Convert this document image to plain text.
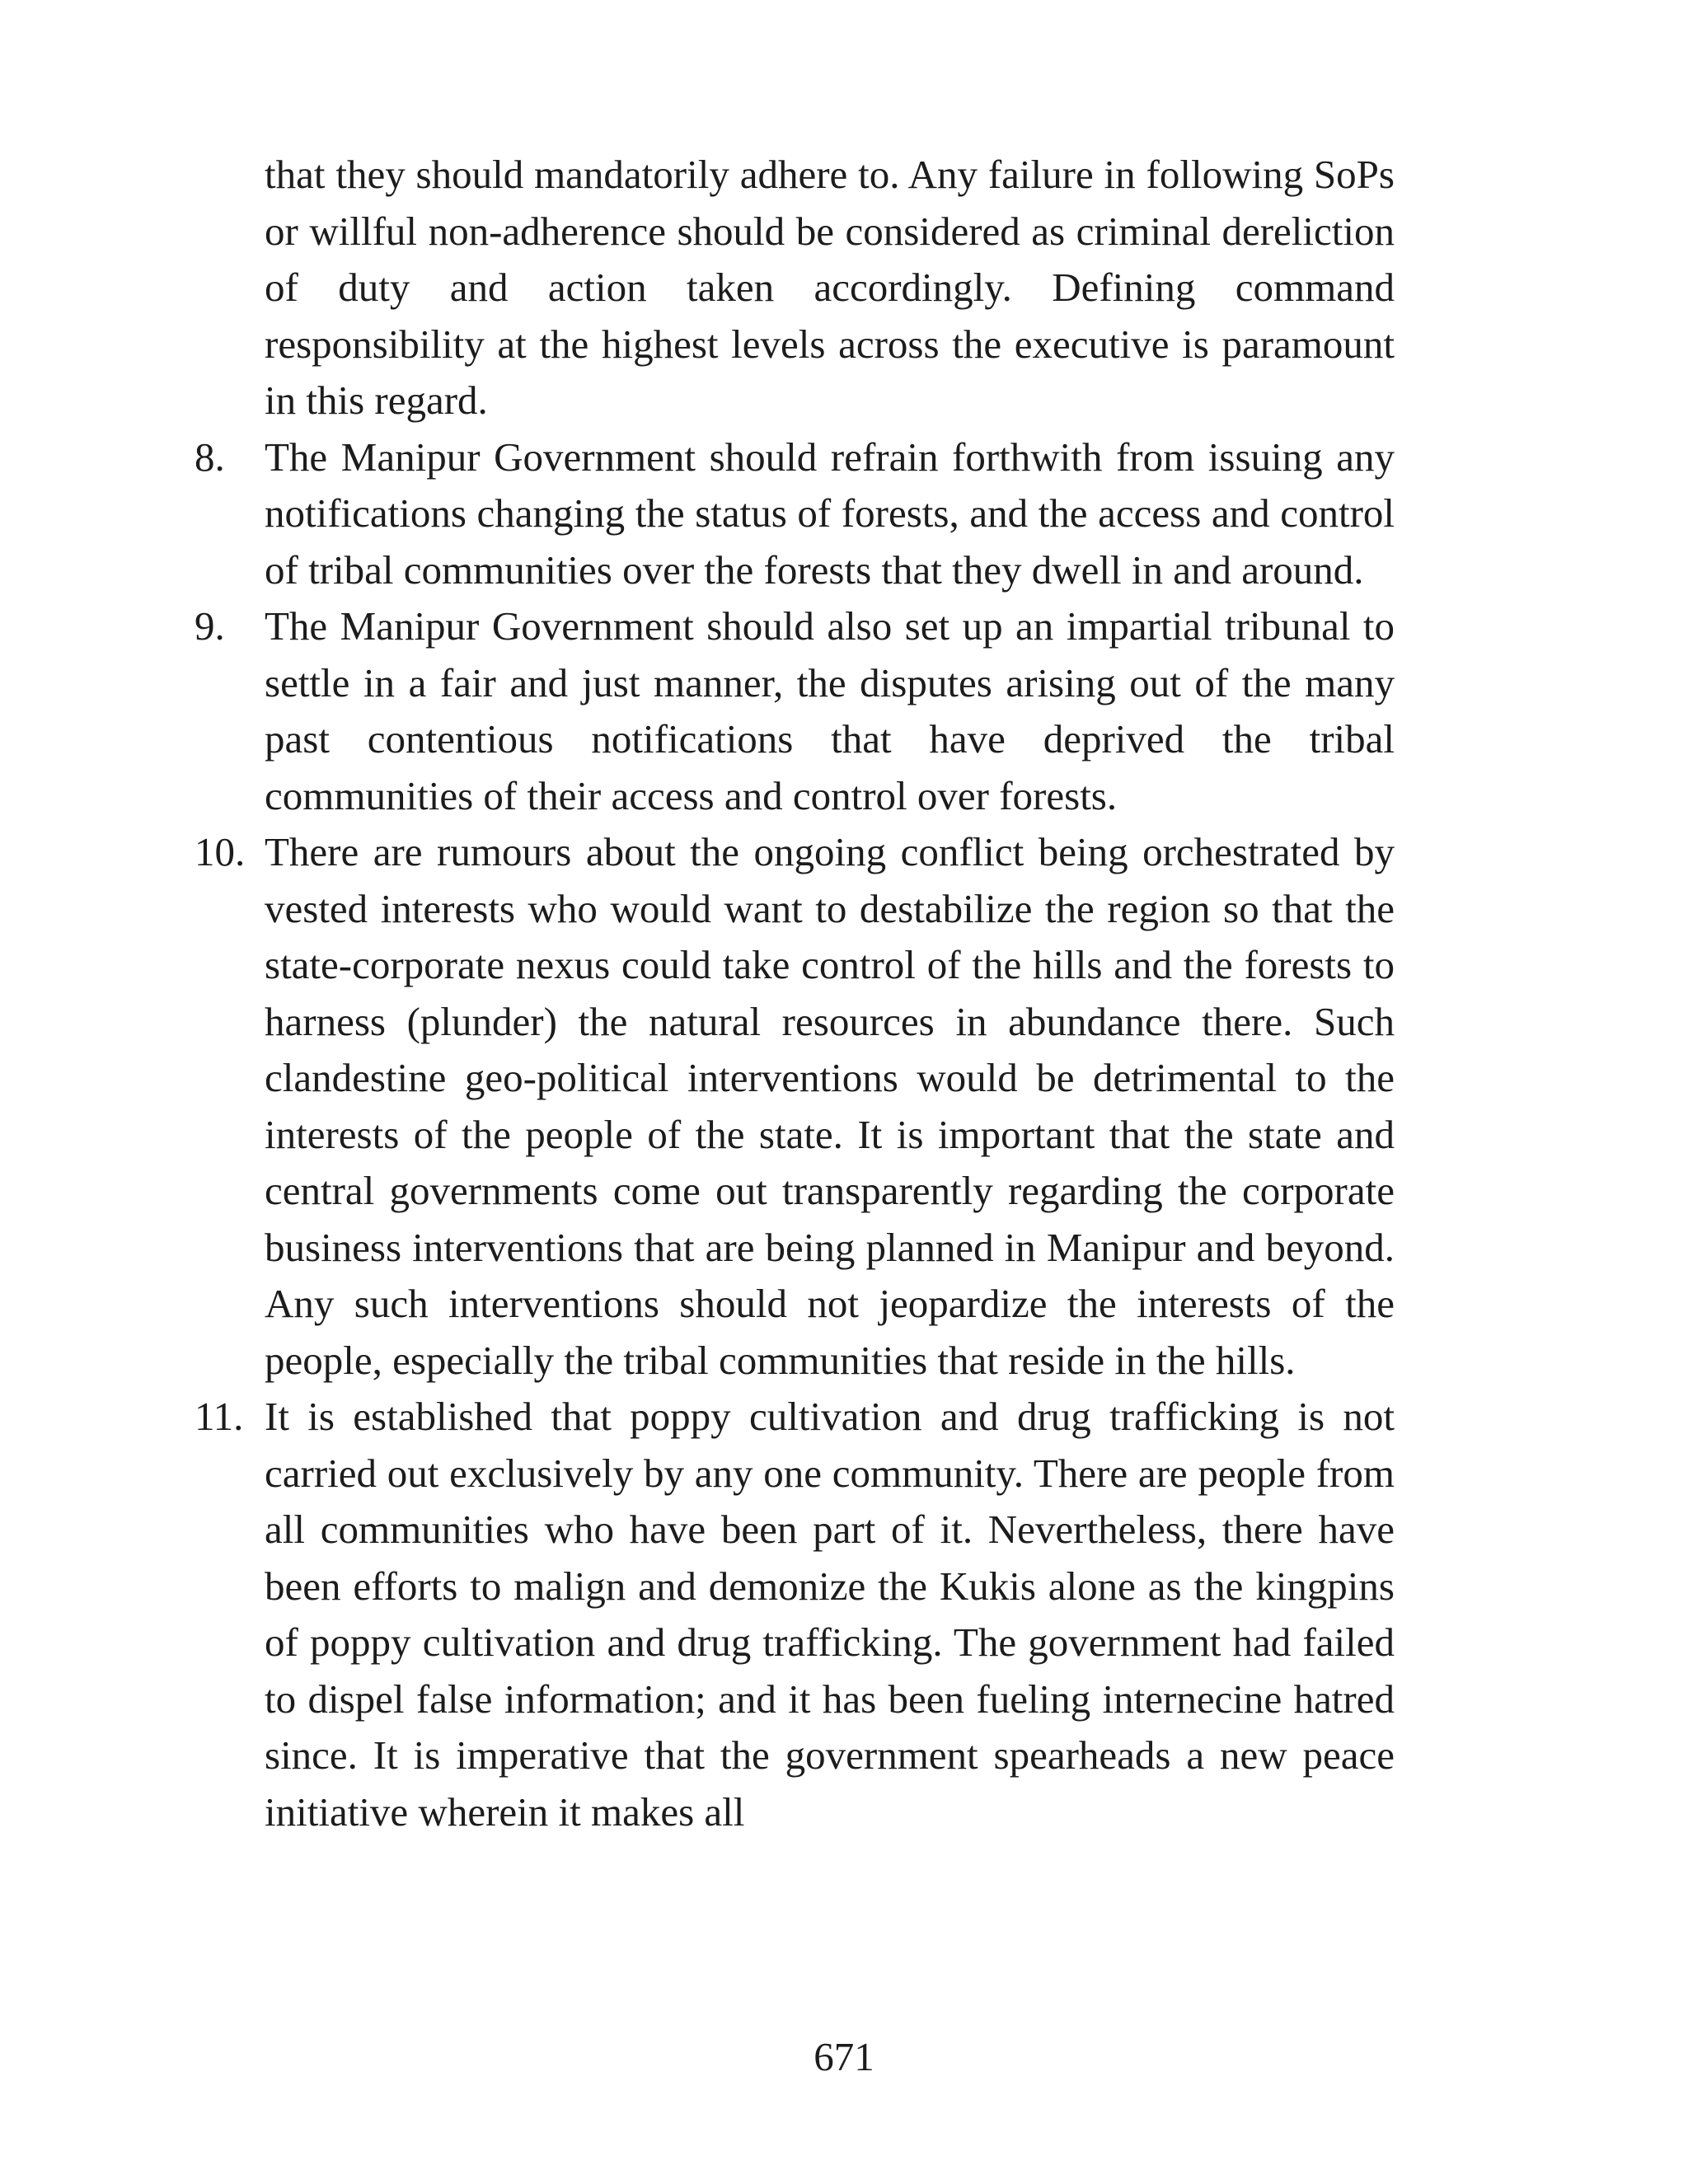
that they should mandatorily adhere to. Any failure in following SoPs or willful non-adherence should be considered as criminal dereliction of duty and action taken accordingly. Defining command responsibility at the highest levels across the executive is paramount in this regard.

8. The Manipur Government should refrain forthwith from issuing any notifications changing the status of forests, and the access and control of tribal communities over the forests that they dwell in and around.
9. The Manipur Government should also set up an impartial tribunal to settle in a fair and just manner, the disputes arising out of the many past contentious notifications that have deprived the tribal communities of their access and control over forests.
10. There are rumours about the ongoing conflict being orchestrated by vested interests who would want to destabilize the region so that the state-corporate nexus could take control of the hills and the forests to harness (plunder) the natural resources in abundance there. Such clandestine geo-political interventions would be detrimental to the interests of the people of the state. It is important that the state and central governments come out transparently regarding the corporate business interventions that are being planned in Manipur and beyond. Any such interventions should not jeopardize the interests of the people, especially the tribal communities that reside in the hills.
11. It is established that poppy cultivation and drug trafficking is not carried out exclusively by any one community. There are people from all communities who have been part of it. Nevertheless, there have been efforts to malign and demonize the Kukis alone as the kingpins of poppy cultivation and drug trafficking. The government had failed to dispel false information; and it has been fueling internecine hatred since. It is imperative that the government spearheads a new peace initiative wherein it makes all
671
